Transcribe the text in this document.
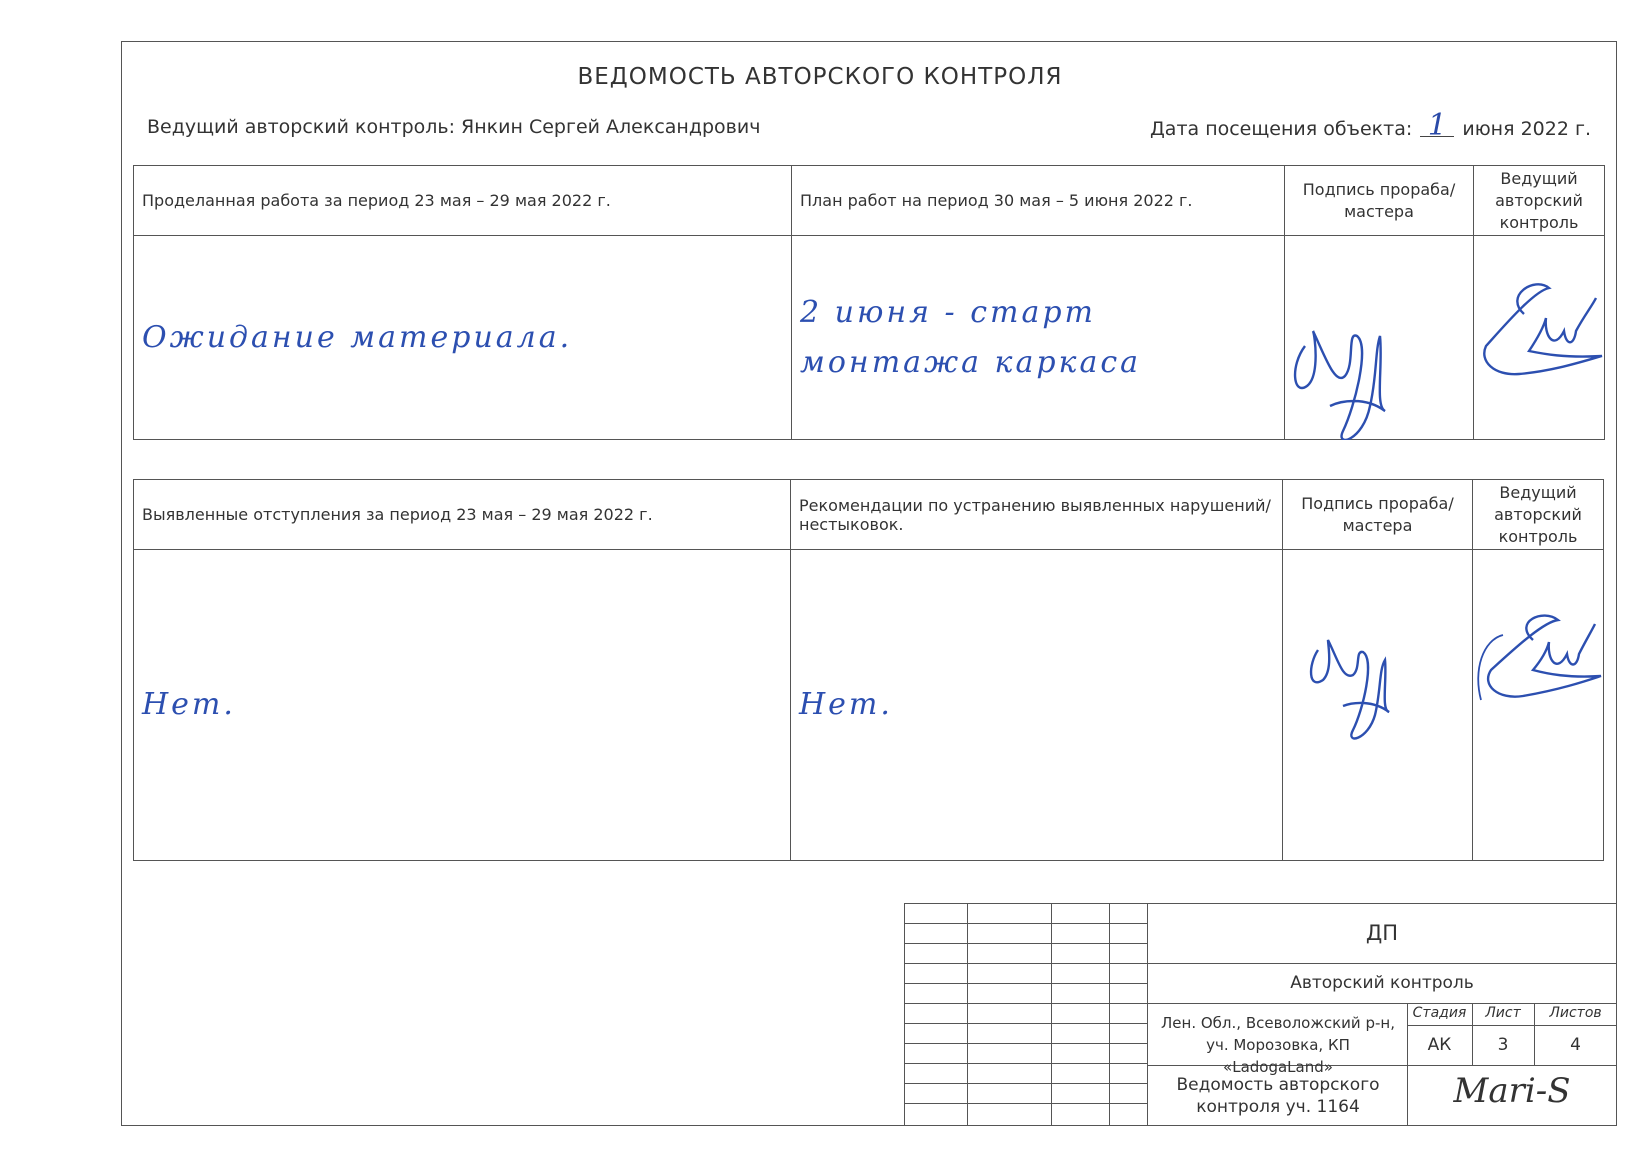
ВЕДОМОСТЬ АВТОРСКОГО КОНТРОЛЯ
Ведущий авторский контроль: Янкин Сергей Александрович	Дата посещения объекта: 1 июня 2022 г.
Проделанная работа за период 23 мая – 29 мая 2022 г.	План работ на период 30 мая – 5 июня 2022 г.	Подпись прораба/мастера	Ведущий авторский контроль

Ожидание материала.	2 июня - старт
монтажа каркаса

Выявленные отступления за период 23 мая – 29 мая 2022 г.	Рекомендации по устранению выявленных нарушений/нестыковок.	Подпись прораба/мастера	Ведущий авторский контроль

Нет.	Нет.

ДП
Авторский контроль
Лен. Обл., Всеволожский р-н, уч. Морозовка, КП «LadogaLand»
Стадия	Лист	Листов
АК	3	4
Ведомость авторского контроля уч. 1164	Mari-S
